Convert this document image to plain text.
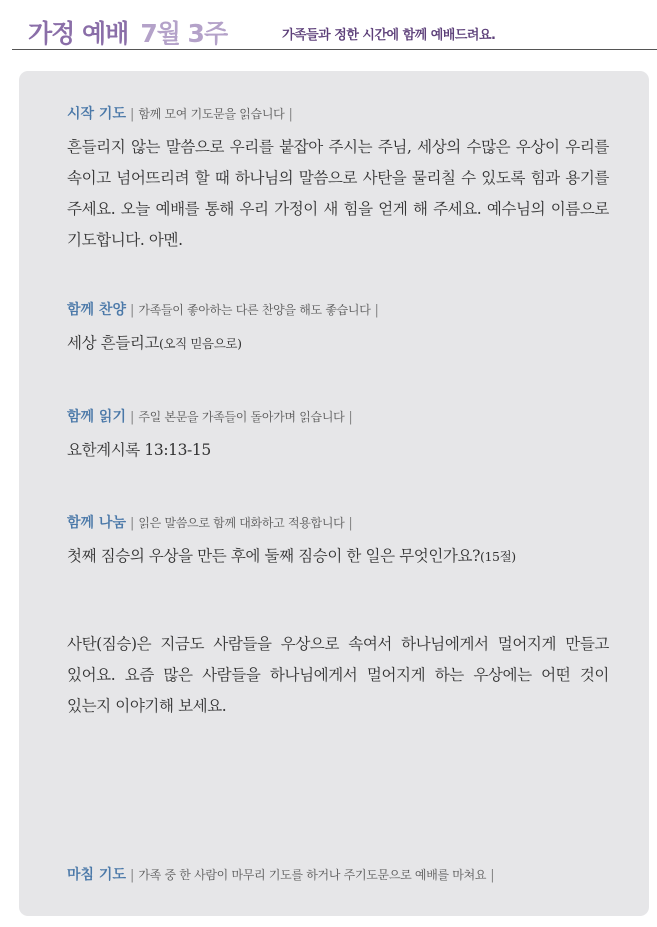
가정 예배 7월 3주	가족들과 정한 시간에 함께 예배드려요.
시작 기도 | 함께 모여 기도문을 읽습니다 |
흔들리지 않는 말씀으로 우리를 붙잡아 주시는 주님, 세상의 수많은 우상이 우리를 속이고 넘어뜨리려 할 때 하나님의 말씀으로 사탄을 물리칠 수 있도록 힘과 용기를 주세요. 오늘 예배를 통해 우리 가정이 새 힘을 얻게 해 주세요. 예수님의 이름으로 기도합니다. 아멘.
함께 찬양 | 가족들이 좋아하는 다른 찬양을 해도 좋습니다 |
세상 흔들리고(오직 믿음으로)
함께 읽기 | 주일 본문을 가족들이 돌아가며 읽습니다 |
요한계시록 13:13-15
함께 나눔 | 읽은 말씀으로 함께 대화하고 적용합니다 |
첫째 짐승의 우상을 만든 후에 둘째 짐승이 한 일은 무엇인가요?(15절)
사탄(짐승)은 지금도 사람들을 우상으로 속여서 하나님에게서 멀어지게 만들고 있어요. 요즘 많은 사람들을 하나님에게서 멀어지게 하는 우상에는 어떤 것이 있는지 이야기해 보세요.
마침 기도 | 가족 중 한 사람이 마무리 기도를 하거나 주기도문으로 예배를 마쳐요 |
